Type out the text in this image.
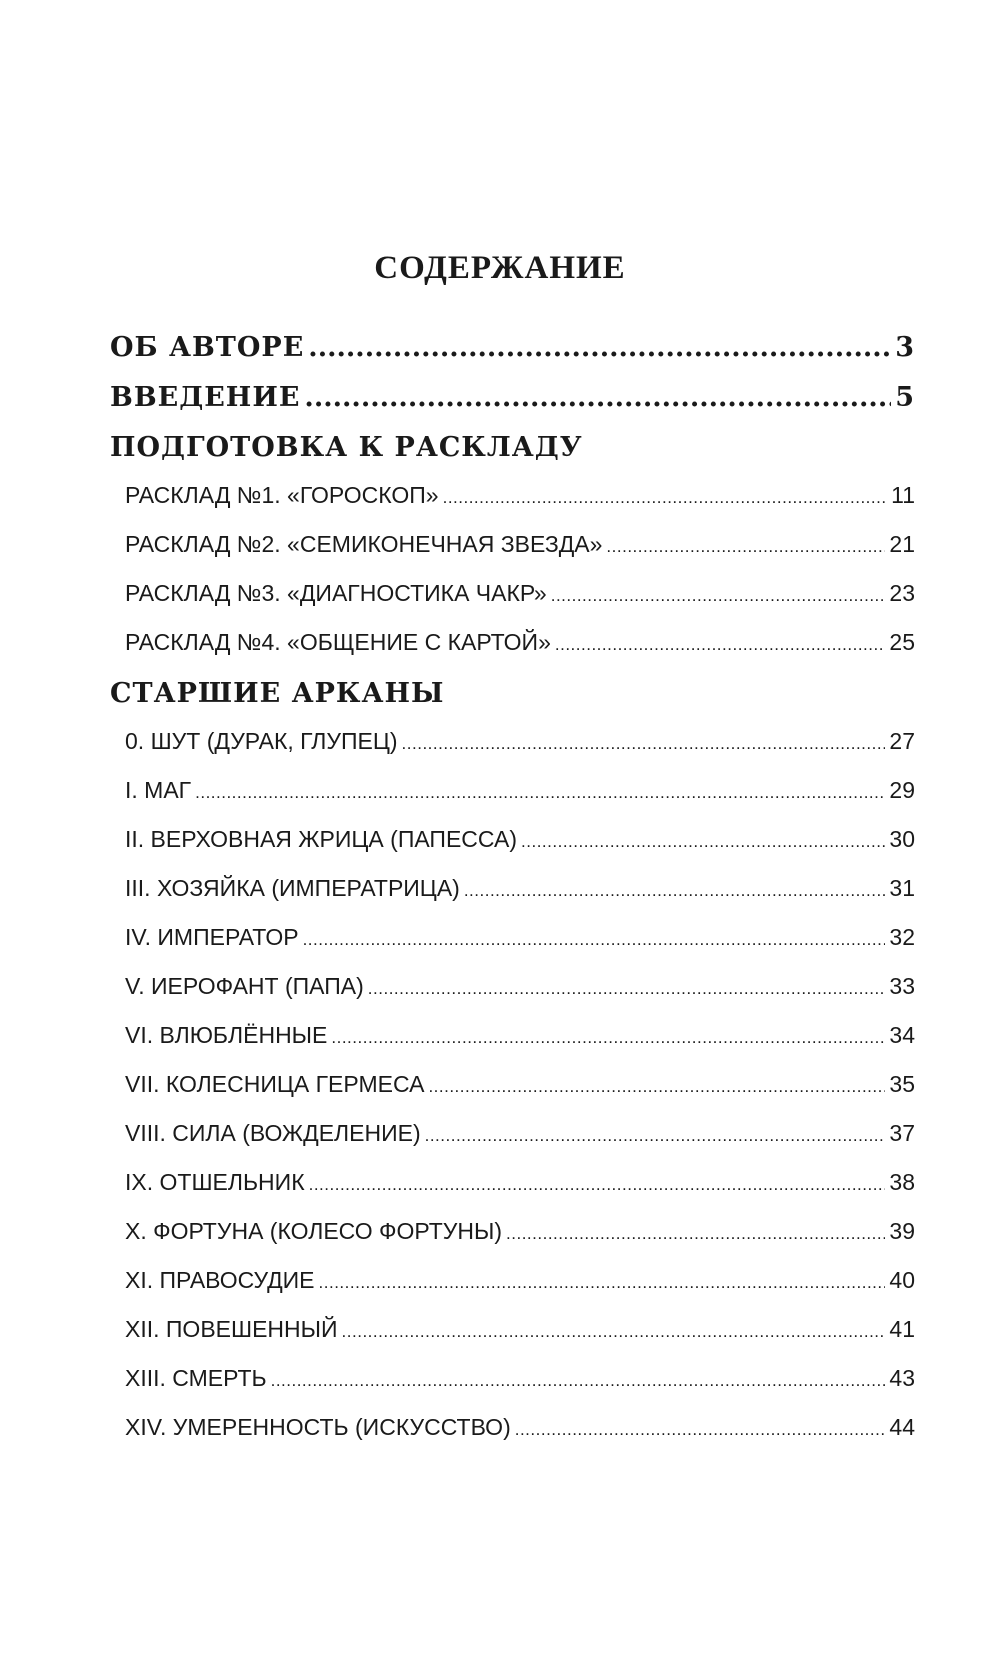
СОДЕРЖАНИЕ
ОБ АВТОРЕ .....	3
ВВЕДЕНИЕ .....	5
ПОДГОТОВКА К РАСКЛАДУ
РАСКЛАД №1. «ГОРОСКОП» .....	11
РАСКЛАД №2. «СЕМИКОНЕЧНАЯ ЗВЕЗДА» .....	21
РАСКЛАД №3. «ДИАГНОСТИКА ЧАКР» .....	23
РАСКЛАД №4. «ОБЩЕНИЕ С КАРТОЙ» .....	25
СТАРШИЕ АРКАНЫ
0. ШУТ (ДУРАК, ГЛУПЕЦ) .....	27
I. МАГ .....	29
II. ВЕРХОВНАЯ ЖРИЦА (ПАПЕССА) .....	30
III. ХОЗЯЙКА (ИМПЕРАТРИЦА) .....	31
IV. ИМПЕРАТОР .....	32
V. ИЕРОФАНТ (ПАПА) .....	33
VI. ВЛЮБЛЁННЫЕ .....	34
VII. КОЛЕСНИЦА ГЕРМЕСА .....	35
VIII. СИЛА (ВОЖДЕЛЕНИЕ) .....	37
IX. ОТШЕЛЬНИК .....	38
X. ФОРТУНА (КОЛЕСО ФОРТУНЫ) .....	39
XI. ПРАВОСУДИЕ .....	40
XII. ПОВЕШЕННЫЙ .....	41
XIII. СМЕРТЬ .....	43
XIV. УМЕРЕННОСТЬ (ИСКУССТВО) .....	44
